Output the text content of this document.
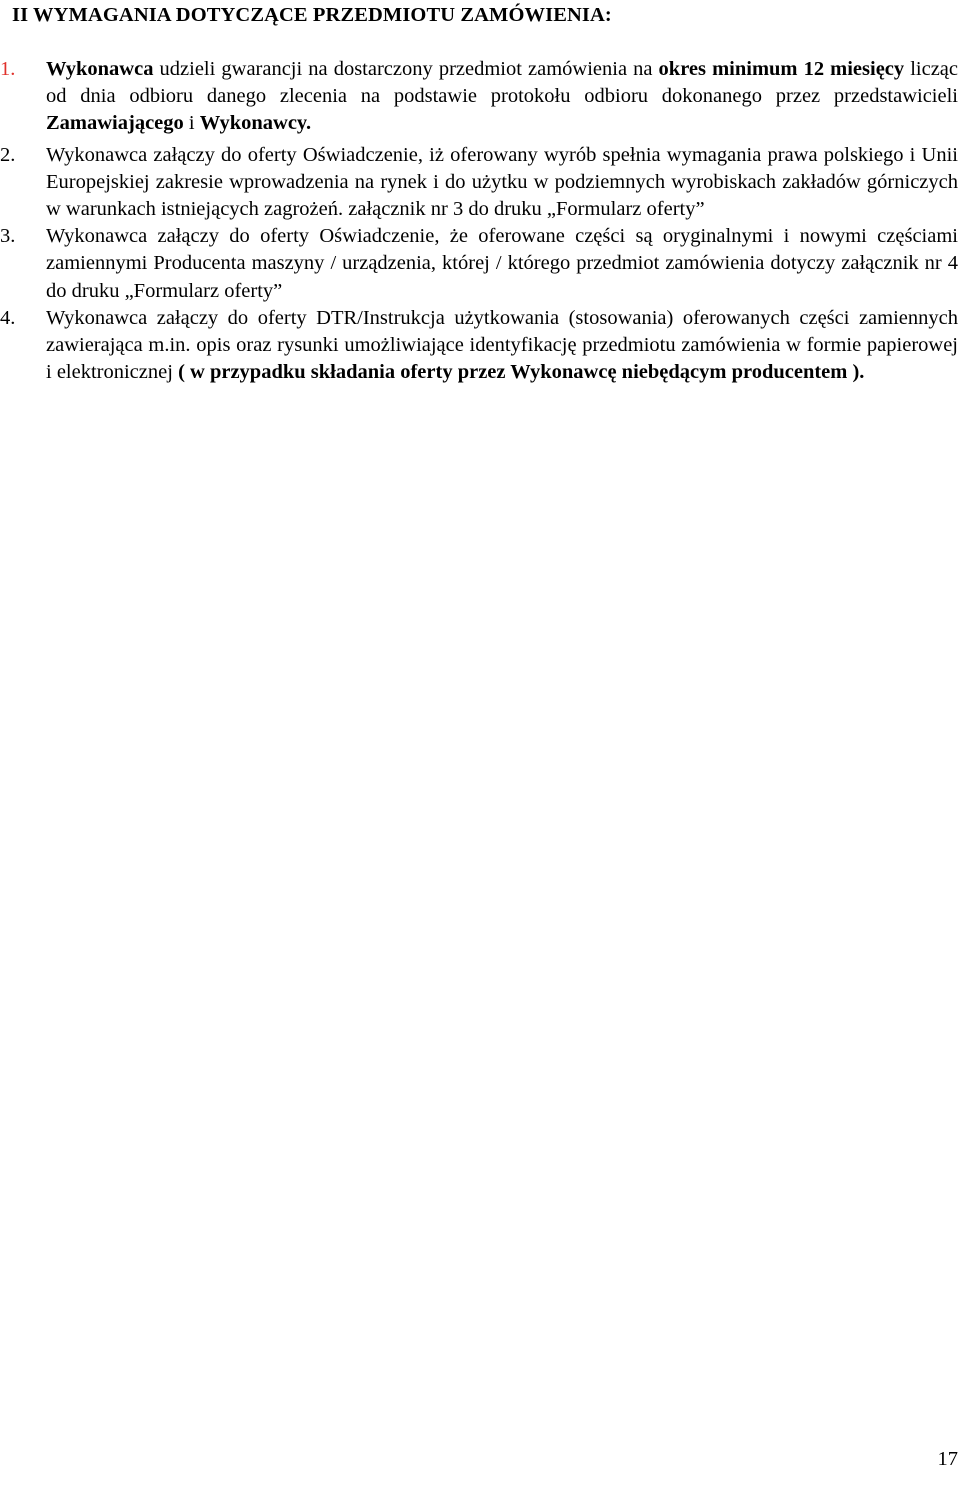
II WYMAGANIA DOTYCZĄCE PRZEDMIOTU ZAMÓWIENIA:
1. Wykonawca udzieli gwarancji na dostarczony przedmiot zamówienia na okres minimum 12 miesięcy licząc od dnia odbioru danego zlecenia na podstawie protokołu odbioru dokonanego przez przedstawicieli Zamawiającego i Wykonawcy.
2. Wykonawca załączy do oferty Oświadczenie, iż oferowany wyrób spełnia wymagania prawa polskiego i Unii Europejskiej zakresie wprowadzenia na rynek i do użytku w podziemnych wyrobiskach zakładów górniczych w warunkach istniejących zagrożeń. załącznik nr 3 do druku „Formularz oferty”
3. Wykonawca załączy do oferty Oświadczenie, że oferowane części są oryginalnymi i nowymi częściami zamiennymi Producenta maszyny / urządzenia, której / którego przedmiot zamówienia dotyczy załącznik nr 4 do druku „Formularz oferty”
4. Wykonawca załączy do oferty DTR/Instrukcja użytkowania (stosowania) oferowanych części zamiennych zawierająca m.in. opis oraz rysunki umożliwiające identyfikację przedmiotu zamówienia w formie papierowej i elektronicznej ( w przypadku składania oferty przez Wykonawcę niebędącym producentem ).
17
